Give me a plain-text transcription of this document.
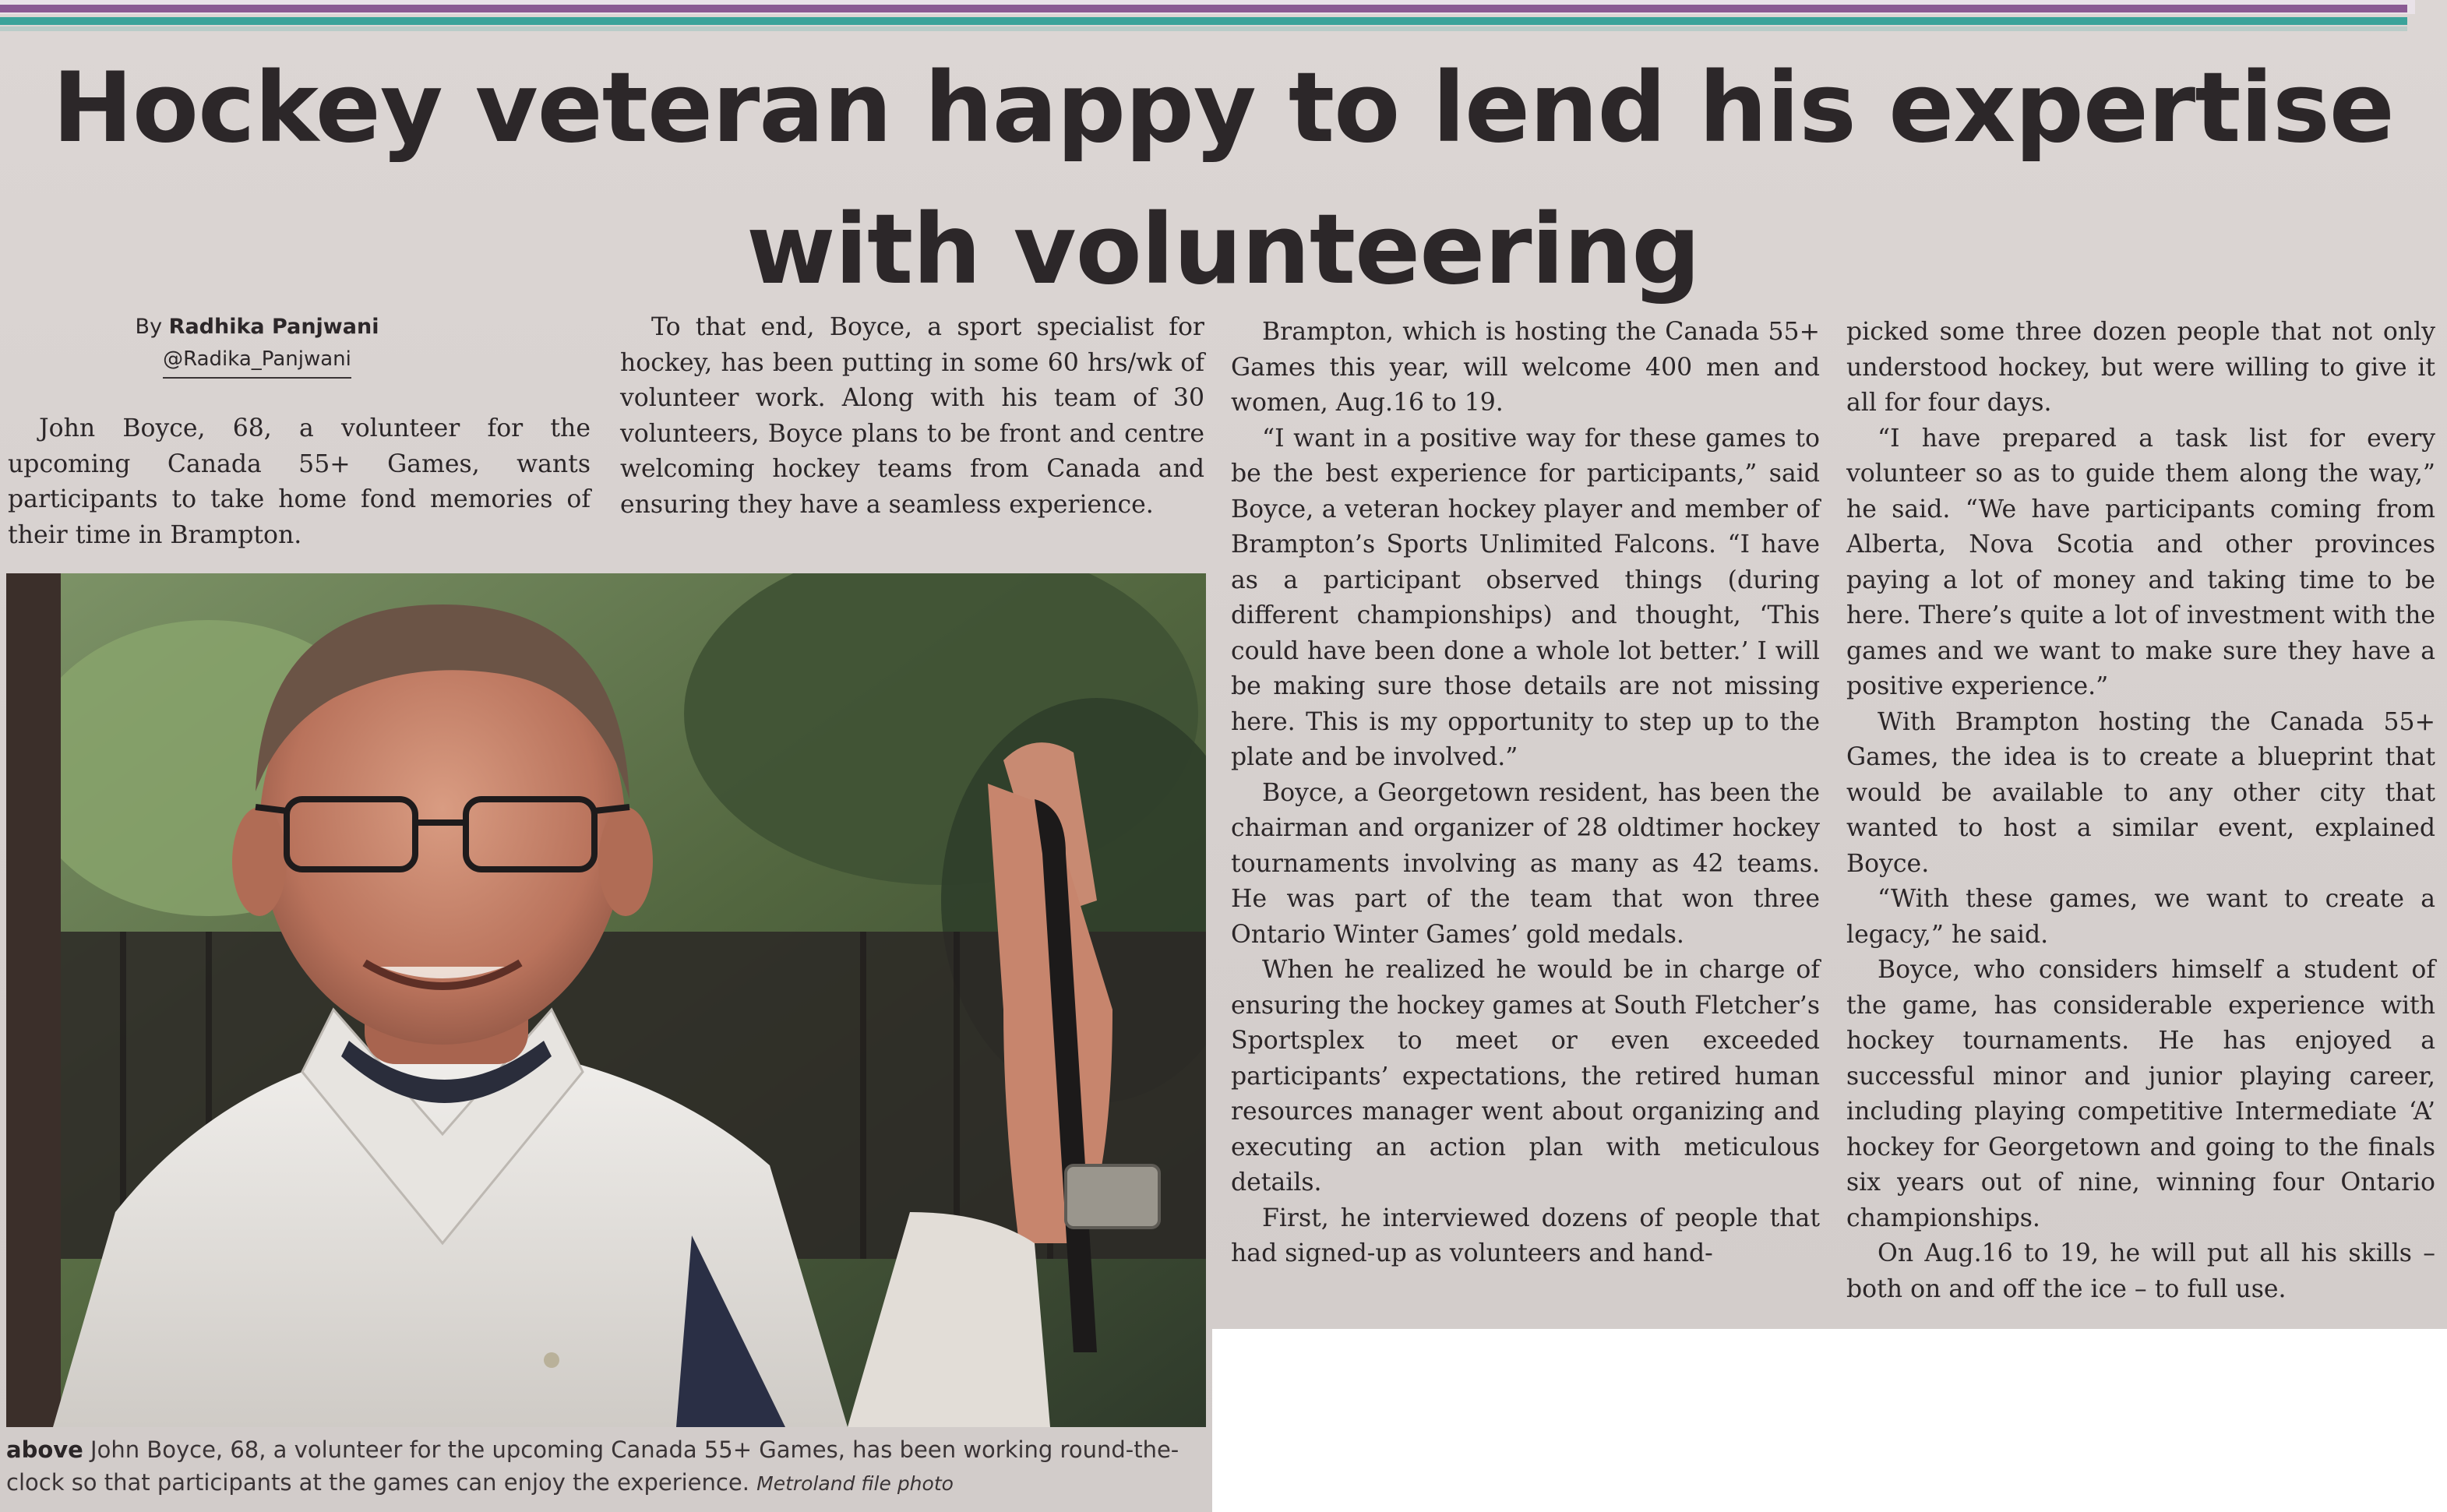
Hockey veteran happy to lend his expertise
with volunteering
By Radhika Panjwani
@Radika_Panjwani

John Boyce, 68, a volunteer for the upcoming Canada 55+ Games, wants participants to take home fond memories of their time in Brampton.

To that end, Boyce, a sport specialist for hockey, has been putting in some 60 hrs/wk of volunteer work. Along with his team of 30 volunteers, Boyce plans to be front and centre welcoming hockey teams from Canada and ensuring they have a seamless experience.

Brampton, which is hosting the Canada 55+ Games this year, will welcome 400 men and women, Aug.16 to 19.

“I want in a positive way for these games to be the best experience for participants,” said Boyce, a veteran hockey player and member of Brampton’s Sports Unlimited Falcons. “I have as a participant observed things (during different championships) and thought, ‘This could have been done a whole lot better.’ I will be making sure those details are not missing here. This is my opportunity to step up to the plate and be involved.”

Boyce, a Georgetown resident, has been the chairman and organizer of 28 oldtimer hockey tournaments involving as many as 42 teams. He was part of the team that won three Ontario Winter Games’ gold medals.

When he realized he would be in charge of ensuring the hockey games at South Fletcher’s Sportsplex to meet or even exceeded participants’ expectations, the retired human resources manager went about organizing and executing an action plan with meticulous details.

First, he interviewed dozens of people that had signed-up as volunteers and hand-

picked some three dozen people that not only understood hockey, but were willing to give it all for four days.

“I have prepared a task list for every volunteer so as to guide them along the way,” he said. “We have participants coming from Alberta, Nova Scotia and other provinces paying a lot of money and taking time to be here. There’s quite a lot of investment with the games and we want to make sure they have a positive experience.”

With Brampton hosting the Canada 55+ Games, the idea is to create a blueprint that would be available to any other city that wanted to host a similar event, explained Boyce.

“With these games, we want to create a legacy,” he said.

Boyce, who considers himself a student of the game, has considerable experience with hockey tournaments. He has enjoyed a successful minor and junior playing career, including playing competitive Intermediate ‘A’ hockey for Georgetown and going to the finals six years out of nine, winning four Ontario championships.

On Aug.16 to 19, he will put all his skills – both on and off the ice – to full use.

above John Boyce, 68, a volunteer for the upcoming Canada 55+ Games, has been working round-the-clock so that participants at the games can enjoy the experience. Metroland file photo
